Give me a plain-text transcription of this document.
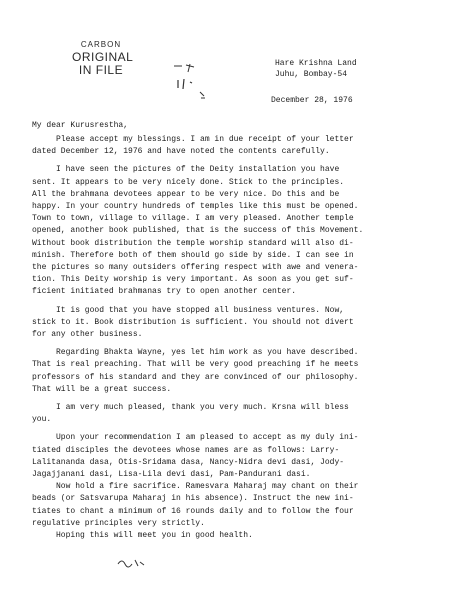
CARBON
ORIGINAL
IN FILE	Hare Krishna Land
Juhu, Bombay-54
December 28, 1976
My dear Kurusrestha,
Please accept my blessings. I am in due receipt of your letter
dated December 12, 1976 and have noted the contents carefully.
I have seen the pictures of the Deity installation you have
sent. It appears to be very nicely done. Stick to the principles.
All the brahmana devotees appear to be very nice. Do this and be
happy. In your country hundreds of temples like this must be opened.
Town to town, village to village. I am very pleased. Another temple
opened, another book published, that is the success of this Movement.
Without book distribution the temple worship standard will also di-
minish. Therefore both of them should go side by side. I can see in
the pictures so many outsiders offering respect with awe and venera-
tion. This Deity worship is very important. As soon as you get suf-
ficient initiated brahmanas try to open another center.
It is good that you have stopped all business ventures. Now,
stick to it. Book distribution is sufficient. You should not divert
for any other business.
Regarding Bhakta Wayne, yes let him work as you have described.
That is real preaching. That will be very good preaching if he meets
professors of his standard and they are convinced of our philosophy.
That will be a great success.
I am very much pleased, thank you very much. Krsna will bless
you.
Upon your recommendation I am pleased to accept as my duly ini-
tiated disciples the devotees whose names are as follows: Larry-
Lalitananda dasa, Otis-Sridama dasa, Nancy-Nidra devi dasi, Jody-
Jagajjanani dasi, Lisa-Lila devi dasi, Pam-Pandurani dasi.
Now hold a fire sacrifice. Ramesvara Maharaj may chant on their
beads (or Satsvarupa Maharaj in his absence). Instruct the new ini-
tiates to chant a minimum of 16 rounds daily and to follow the four
regulative principles very strictly.
Hoping this will meet you in good health.
